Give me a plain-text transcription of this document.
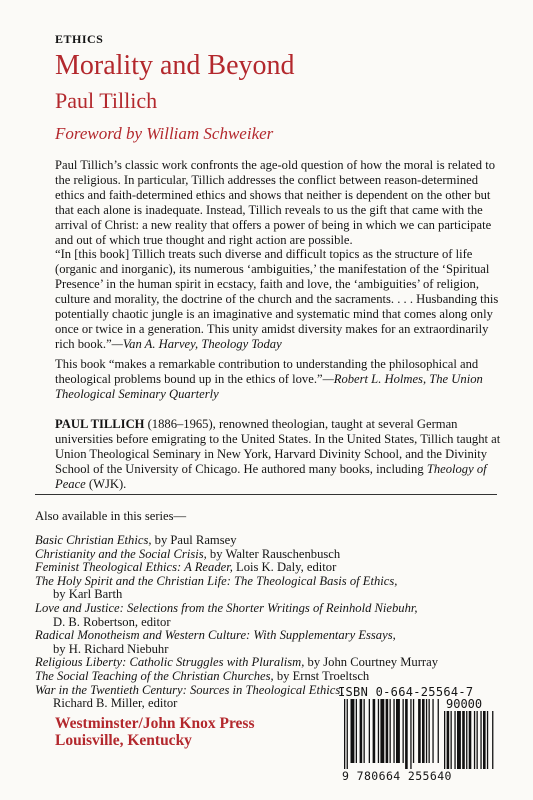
ETHICS
Morality and Beyond
Paul Tillich
Foreword by William Schweiker

Paul Tillich’s classic work confronts the age-old question of how the moral is related to the religious. In particular, Tillich addresses the conflict between reason-determined ethics and faith-determined ethics and shows that neither is dependent on the other but that each alone is inadequate. Instead, Tillich reveals to us the gift that came with the arrival of Christ: a new reality that offers a power of being in which we can participate and out of which true thought and right action are possible.

“In [this book] Tillich treats such diverse and difficult topics as the structure of life (organic and inorganic), its numerous ‘ambiguities,’ the manifestation of the ‘Spiritual Presence’ in the human spirit in ecstacy, faith and love, the ‘ambiguities’ of religion, culture and morality, the doctrine of the church and the sacraments. . . . Husbanding this potentially chaotic jungle is an imaginative and systematic mind that comes along only once or twice in a generation. This unity amidst diversity makes for an extraordinarily rich book.”—Van A. Harvey, Theology Today

This book “makes a remarkable contribution to understanding the philosophical and theological problems bound up in the ethics of love.”—Robert L. Holmes, The Union Theological Seminary Quarterly

PAUL TILLICH (1886–1965), renowned theologian, taught at several German universities before emigrating to the United States. In the United States, Tillich taught at Union Theological Seminary in New York, Harvard Divinity School, and the Divinity School of the University of Chicago. He authored many books, including Theology of Peace (WJK).

Also available in this series—
Basic Christian Ethics, by Paul Ramsey
Christianity and the Social Crisis, by Walter Rauschenbusch
Feminist Theological Ethics: A Reader, Lois K. Daly, editor
The Holy Spirit and the Christian Life: The Theological Basis of Ethics,
by Karl Barth
Love and Justice: Selections from the Shorter Writings of Reinhold Niebuhr,
D. B. Robertson, editor
Radical Monotheism and Western Culture: With Supplementary Essays,
by H. Richard Niebuhr
Religious Liberty: Catholic Struggles with Pluralism, by John Courtney Murray
The Social Teaching of the Christian Churches, by Ernst Troeltsch
War in the Twentieth Century: Sources in Theological Ethics,
Richard B. Miller, editor
Westminster/John Knox Press
Louisville, Kentucky
ISBN 0-664-25564-7
90000
9 780664 255640
